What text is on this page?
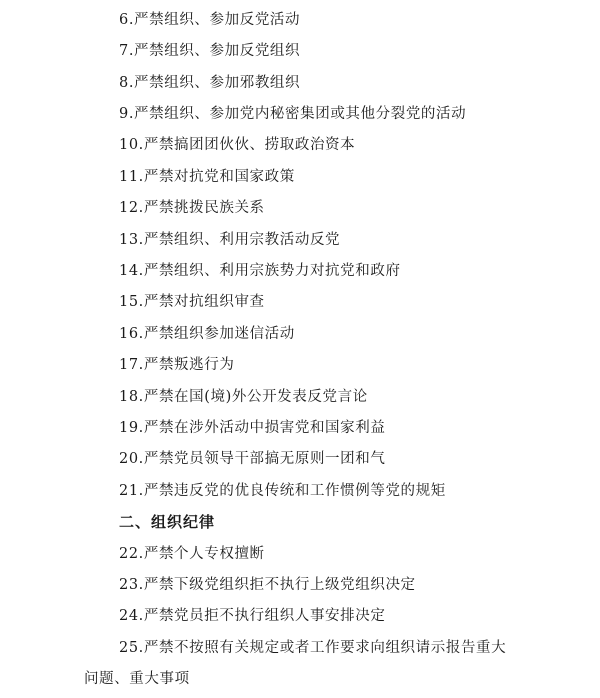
6.严禁组织、参加反党活动
7.严禁组织、参加反党组织
8.严禁组织、参加邪教组织
9.严禁组织、参加党内秘密集团或其他分裂党的活动
10.严禁搞团团伙伙、捞取政治资本
11.严禁对抗党和国家政策
12.严禁挑拨民族关系
13.严禁组织、利用宗教活动反党
14.严禁组织、利用宗族势力对抗党和政府
15.严禁对抗组织审查
16.严禁组织参加迷信活动
17.严禁叛逃行为
18.严禁在国(境)外公开发表反党言论
19.严禁在涉外活动中损害党和国家利益
20.严禁党员领导干部搞无原则一团和气
21.严禁违反党的优良传统和工作惯例等党的规矩
二、组织纪律
22.严禁个人专权擅断
23.严禁下级党组织拒不执行上级党组织决定
24.严禁党员拒不执行组织人事安排决定
25.严禁不按照有关规定或者工作要求向组织请示报告重大
问题、重大事项
